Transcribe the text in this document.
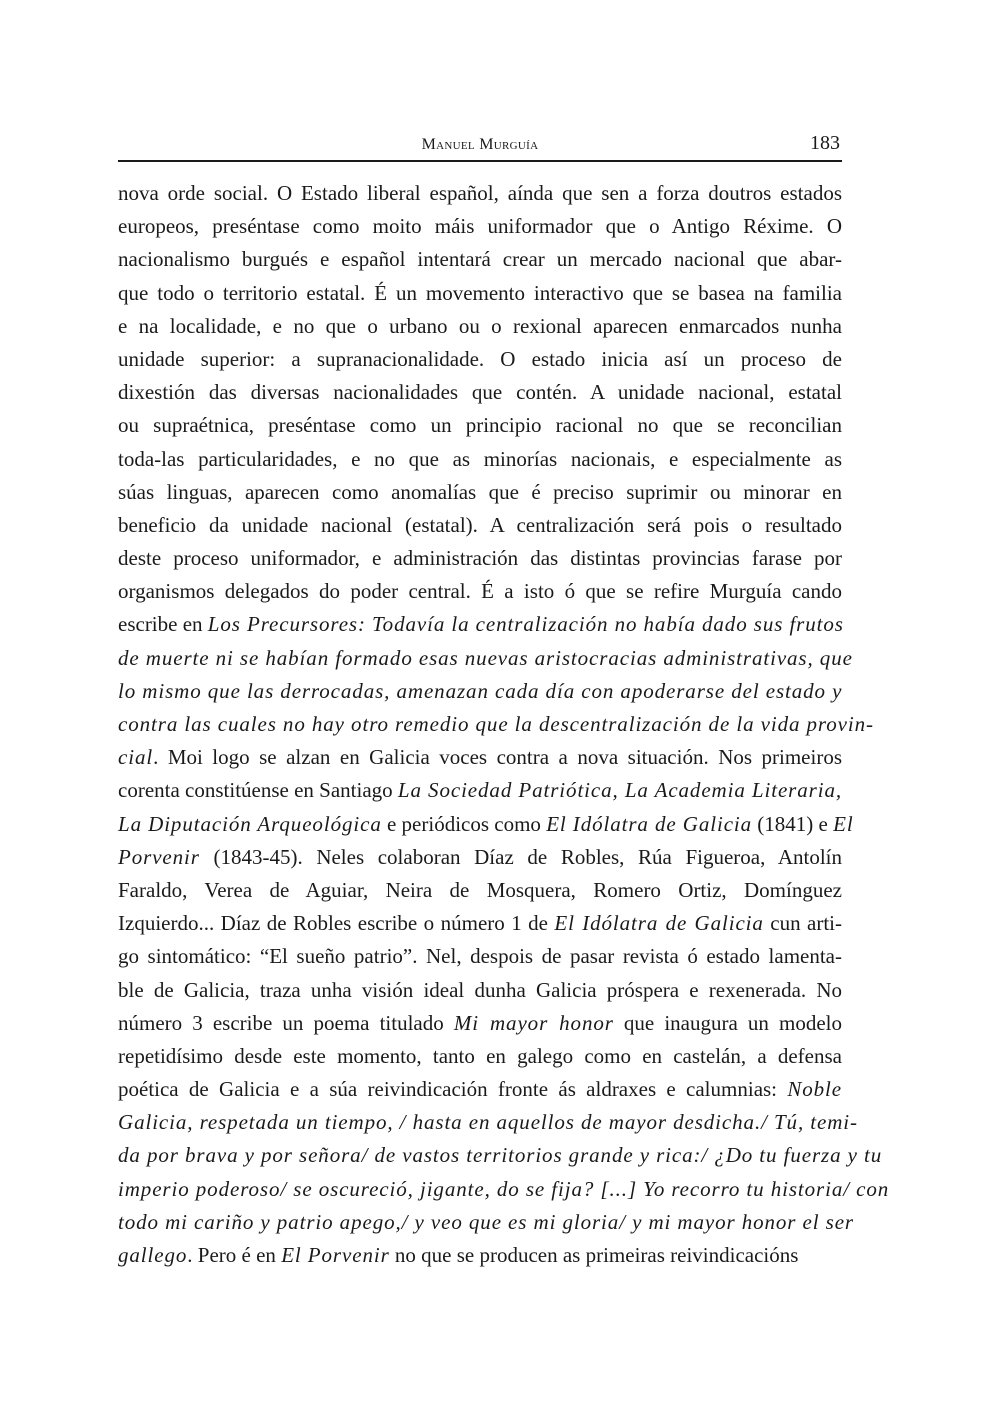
Manuel Murguía	183
nova orde social. O Estado liberal español, aínda que sen a forza doutros estados
europeos, preséntase como moito máis uniformador que o Antigo Réxime. O
nacionalismo burgués e español intentará crear un mercado nacional que abar-
que todo o territorio estatal. É un movemento interactivo que se basea na familia
e na localidade, e no que o urbano ou o rexional aparecen enmarcados nunha
unidade superior: a supranacionalidade. O estado inicia así un proceso de
dixestión das diversas nacionalidades que contén. A unidade nacional, estatal
ou supraétnica, preséntase como un principio racional no que se reconcilian
toda-las particularidades, e no que as minorías nacionais, e especialmente as
súas linguas, aparecen como anomalías que é preciso suprimir ou minorar en
beneficio da unidade nacional (estatal). A centralización será pois o resultado
deste proceso uniformador, e administración das distintas provincias farase por
organismos delegados do poder central. É a isto ó que se refire Murguía cando
escribe en Los Precursores: Todavía la centralización no había dado sus frutos
de muerte ni se habían formado esas nuevas aristocracias administrativas, que
lo mismo que las derrocadas, amenazan cada día con apoderarse del estado y
contra las cuales no hay otro remedio que la descentralización de la vida provin-
cial. Moi logo se alzan en Galicia voces contra a nova situación. Nos primeiros
corenta constitúense en Santiago La Sociedad Patriótica, La Academia Literaria,
La Diputación Arqueológica e periódicos como El Idólatra de Galicia (1841) e El
Porvenir (1843-45). Neles colaboran Díaz de Robles, Rúa Figueroa, Antolín
Faraldo, Verea de Aguiar, Neira de Mosquera, Romero Ortiz, Domínguez
Izquierdo... Díaz de Robles escribe o número 1 de El Idólatra de Galicia cun arti-
go sintomático: “El sueño patrio”. Nel, despois de pasar revista ó estado lamenta-
ble de Galicia, traza unha visión ideal dunha Galicia próspera e rexenerada. No
número 3 escribe un poema titulado Mi mayor honor que inaugura un modelo
repetidísimo desde este momento, tanto en galego como en castelán, a defensa
poética de Galicia e a súa reivindicación fronte ás aldraxes e calumnias: Noble
Galicia, respetada un tiempo, / hasta en aquellos de mayor desdicha./ Tú, temi-
da por brava y por señora/ de vastos territorios grande y rica:/ ¿Do tu fuerza y tu
imperio poderoso/ se oscureció, jigante, do se fija? [...] Yo recorro tu historia/ con
todo mi cariño y patrio apego,/ y veo que es mi gloria/ y mi mayor honor el ser
gallego. Pero é en El Porvenir no que se producen as primeiras reivindicacións
